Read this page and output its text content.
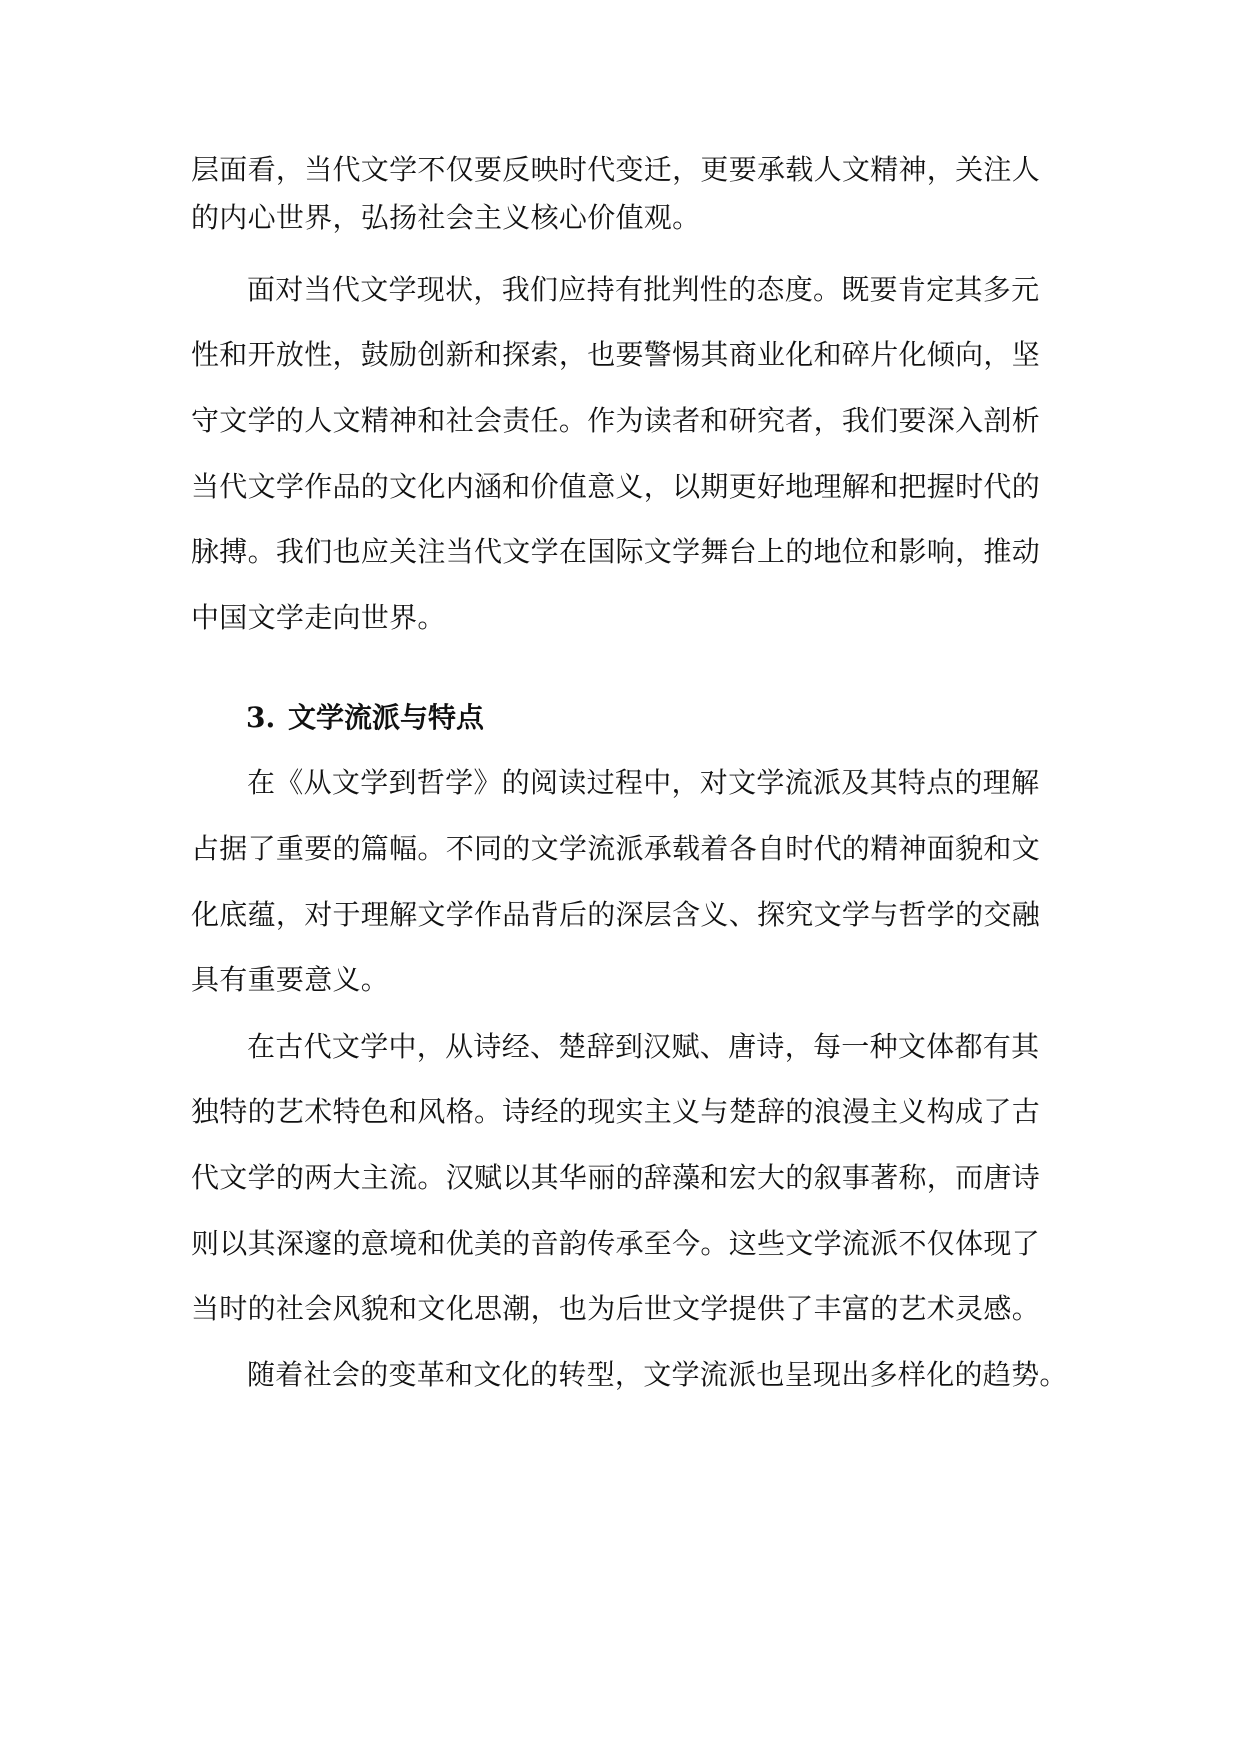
层面看，当代文学不仅要反映时代变迁，更要承载人文精神，关注人
的内心世界，弘扬社会主义核心价值观。
面对当代文学现状，我们应持有批判性的态度。既要肯定其多元
性和开放性，鼓励创新和探索，也要警惕其商业化和碎片化倾向，坚
守文学的人文精神和社会责任。作为读者和研究者，我们要深入剖析
当代文学作品的文化内涵和价值意义，以期更好地理解和把握时代的
脉搏。我们也应关注当代文学在国际文学舞台上的地位和影响，推动
中国文学走向世界。
3. 文学流派与特点
在《从文学到哲学》的阅读过程中，对文学流派及其特点的理解
占据了重要的篇幅。不同的文学流派承载着各自时代的精神面貌和文
化底蕴，对于理解文学作品背后的深层含义、探究文学与哲学的交融
具有重要意义。
在古代文学中，从诗经、楚辞到汉赋、唐诗，每一种文体都有其
独特的艺术特色和风格。诗经的现实主义与楚辞的浪漫主义构成了古
代文学的两大主流。汉赋以其华丽的辞藻和宏大的叙事著称，而唐诗
则以其深邃的意境和优美的音韵传承至今。这些文学流派不仅体现了
当时的社会风貌和文化思潮，也为后世文学提供了丰富的艺术灵感。
随着社会的变革和文化的转型，文学流派也呈现出多样化的趋势。
